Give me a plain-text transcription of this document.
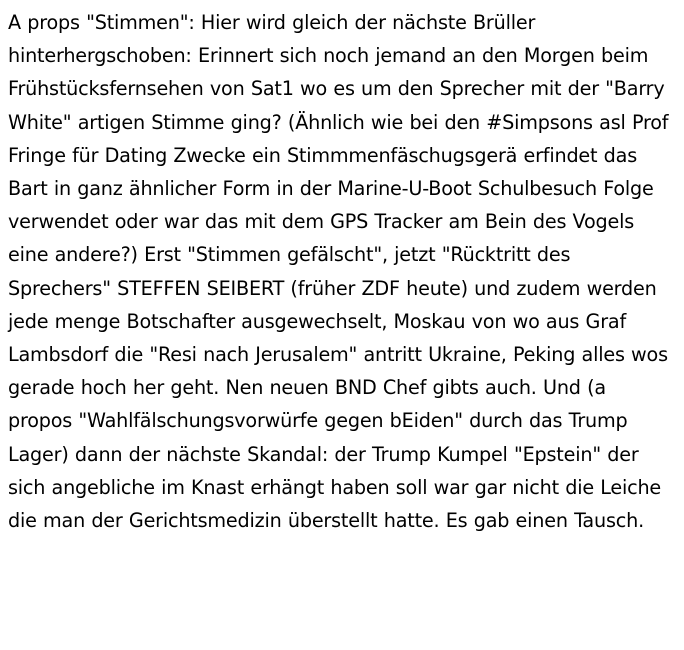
A props "Stimmen": Hier wird gleich der nächste Brüller hinterhergschoben: Erinnert sich noch jemand an den Morgen beim Frühstücksfernsehen von Sat1 wo es um den Sprecher mit der "Barry White" artigen Stimme ging? (Ähnlich wie bei den #Simpsons asl Prof Fringe für Dating Zwecke ein Stimmmenfäschugsgerä erfindet das Bart in ganz ähnlicher Form in der Marine-U-Boot Schulbesuch Folge verwendet oder war das mit dem GPS Tracker am Bein des Vogels eine andere?) Erst "Stimmen gefälscht", jetzt "Rücktritt des Sprechers" STEFFEN SEIBERT (früher ZDF heute) und zudem werden jede menge Botschafter ausgewechselt, Moskau von wo aus Graf Lambsdorf die "Resi nach Jerusalem" antritt Ukraine, Peking alles wos gerade hoch her geht. Nen neuen BND Chef gibts auch. Und (a propos "Wahlfälschungsvorwürfe gegen bEiden" durch das Trump Lager) dann der nächste Skandal: der Trump Kumpel "Epstein" der sich angebliche im Knast erhängt haben soll war gar nicht die Leiche die man der Gerichtsmedizin überstellt hatte. Es gab einen Tausch.
